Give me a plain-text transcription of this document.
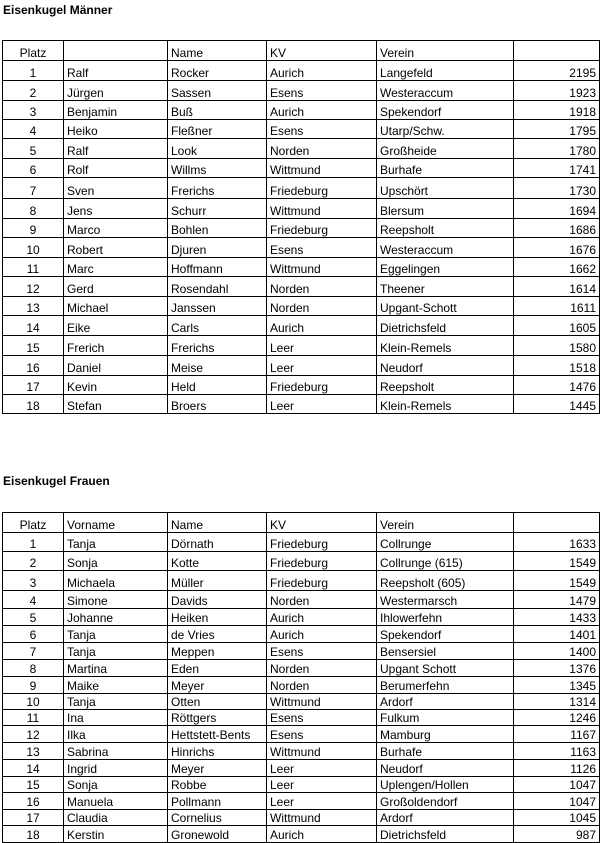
Eisenkugel Männer
Platz		Name	KV	Verein	
1	Ralf	Rocker	Aurich	Langefeld	2195
2	Jürgen	Sassen	Esens	Westeraccum	1923
3	Benjamin	Buß	Aurich	Spekendorf	1918
4	Heiko	Fleßner	Esens	Utarp/Schw.	1795
5	Ralf	Look	Norden	Großheide	1780
6	Rolf	Willms	Wittmund	Burhafe	1741
7	Sven	Frerichs	Friedeburg	Upschört	1730
8	Jens	Schurr	Wittmund	Blersum	1694
9	Marco	Bohlen	Friedeburg	Reepsholt	1686
10	Robert	Djuren	Esens	Westeraccum	1676
11	Marc	Hoffmann	Wittmund	Eggelingen	1662
12	Gerd	Rosendahl	Norden	Theener	1614
13	Michael	Janssen	Norden	Upgant-Schott	1611
14	Eike	Carls	Aurich	Dietrichsfeld	1605
15	Frerich	Frerichs	Leer	Klein-Remels	1580
16	Daniel	Meise	Leer	Neudorf	1518
17	Kevin	Held	Friedeburg	Reepsholt	1476
18	Stefan	Broers	Leer	Klein-Remels	1445
Eisenkugel Frauen
Platz	Vorname	Name	KV	Verein	
1	Tanja	Dörnath	Friedeburg	Collrunge	1633
2	Sonja	Kotte	Friedeburg	Collrunge (615)	1549
3	Michaela	Müller	Friedeburg	Reepsholt (605)	1549
4	Simone	Davids	Norden	Westermarsch	1479
5	Johanne	Heiken	Aurich	Ihlowerfehn	1433
6	Tanja	de Vries	Aurich	Spekendorf	1401
7	Tanja	Meppen	Esens	Bensersiel	1400
8	Martina	Eden	Norden	Upgant Schott	1376
9	Maike	Meyer	Norden	Berumerfehn	1345
10	Tanja	Otten	Wittmund	Ardorf	1314
11	Ina	Röttgers	Esens	Fulkum	1246
12	Ilka	Hettstett-Bents	Esens	Mamburg	1167
13	Sabrina	Hinrichs	Wittmund	Burhafe	1163
14	Ingrid	Meyer	Leer	Neudorf	1126
15	Sonja	Robbe	Leer	Uplengen/Hollen	1047
16	Manuela	Pollmann	Leer	Großoldendorf	1047
17	Claudia	Cornelius	Wittmund	Ardorf	1045
18	Kerstin	Gronewold	Aurich	Dietrichsfeld	987
